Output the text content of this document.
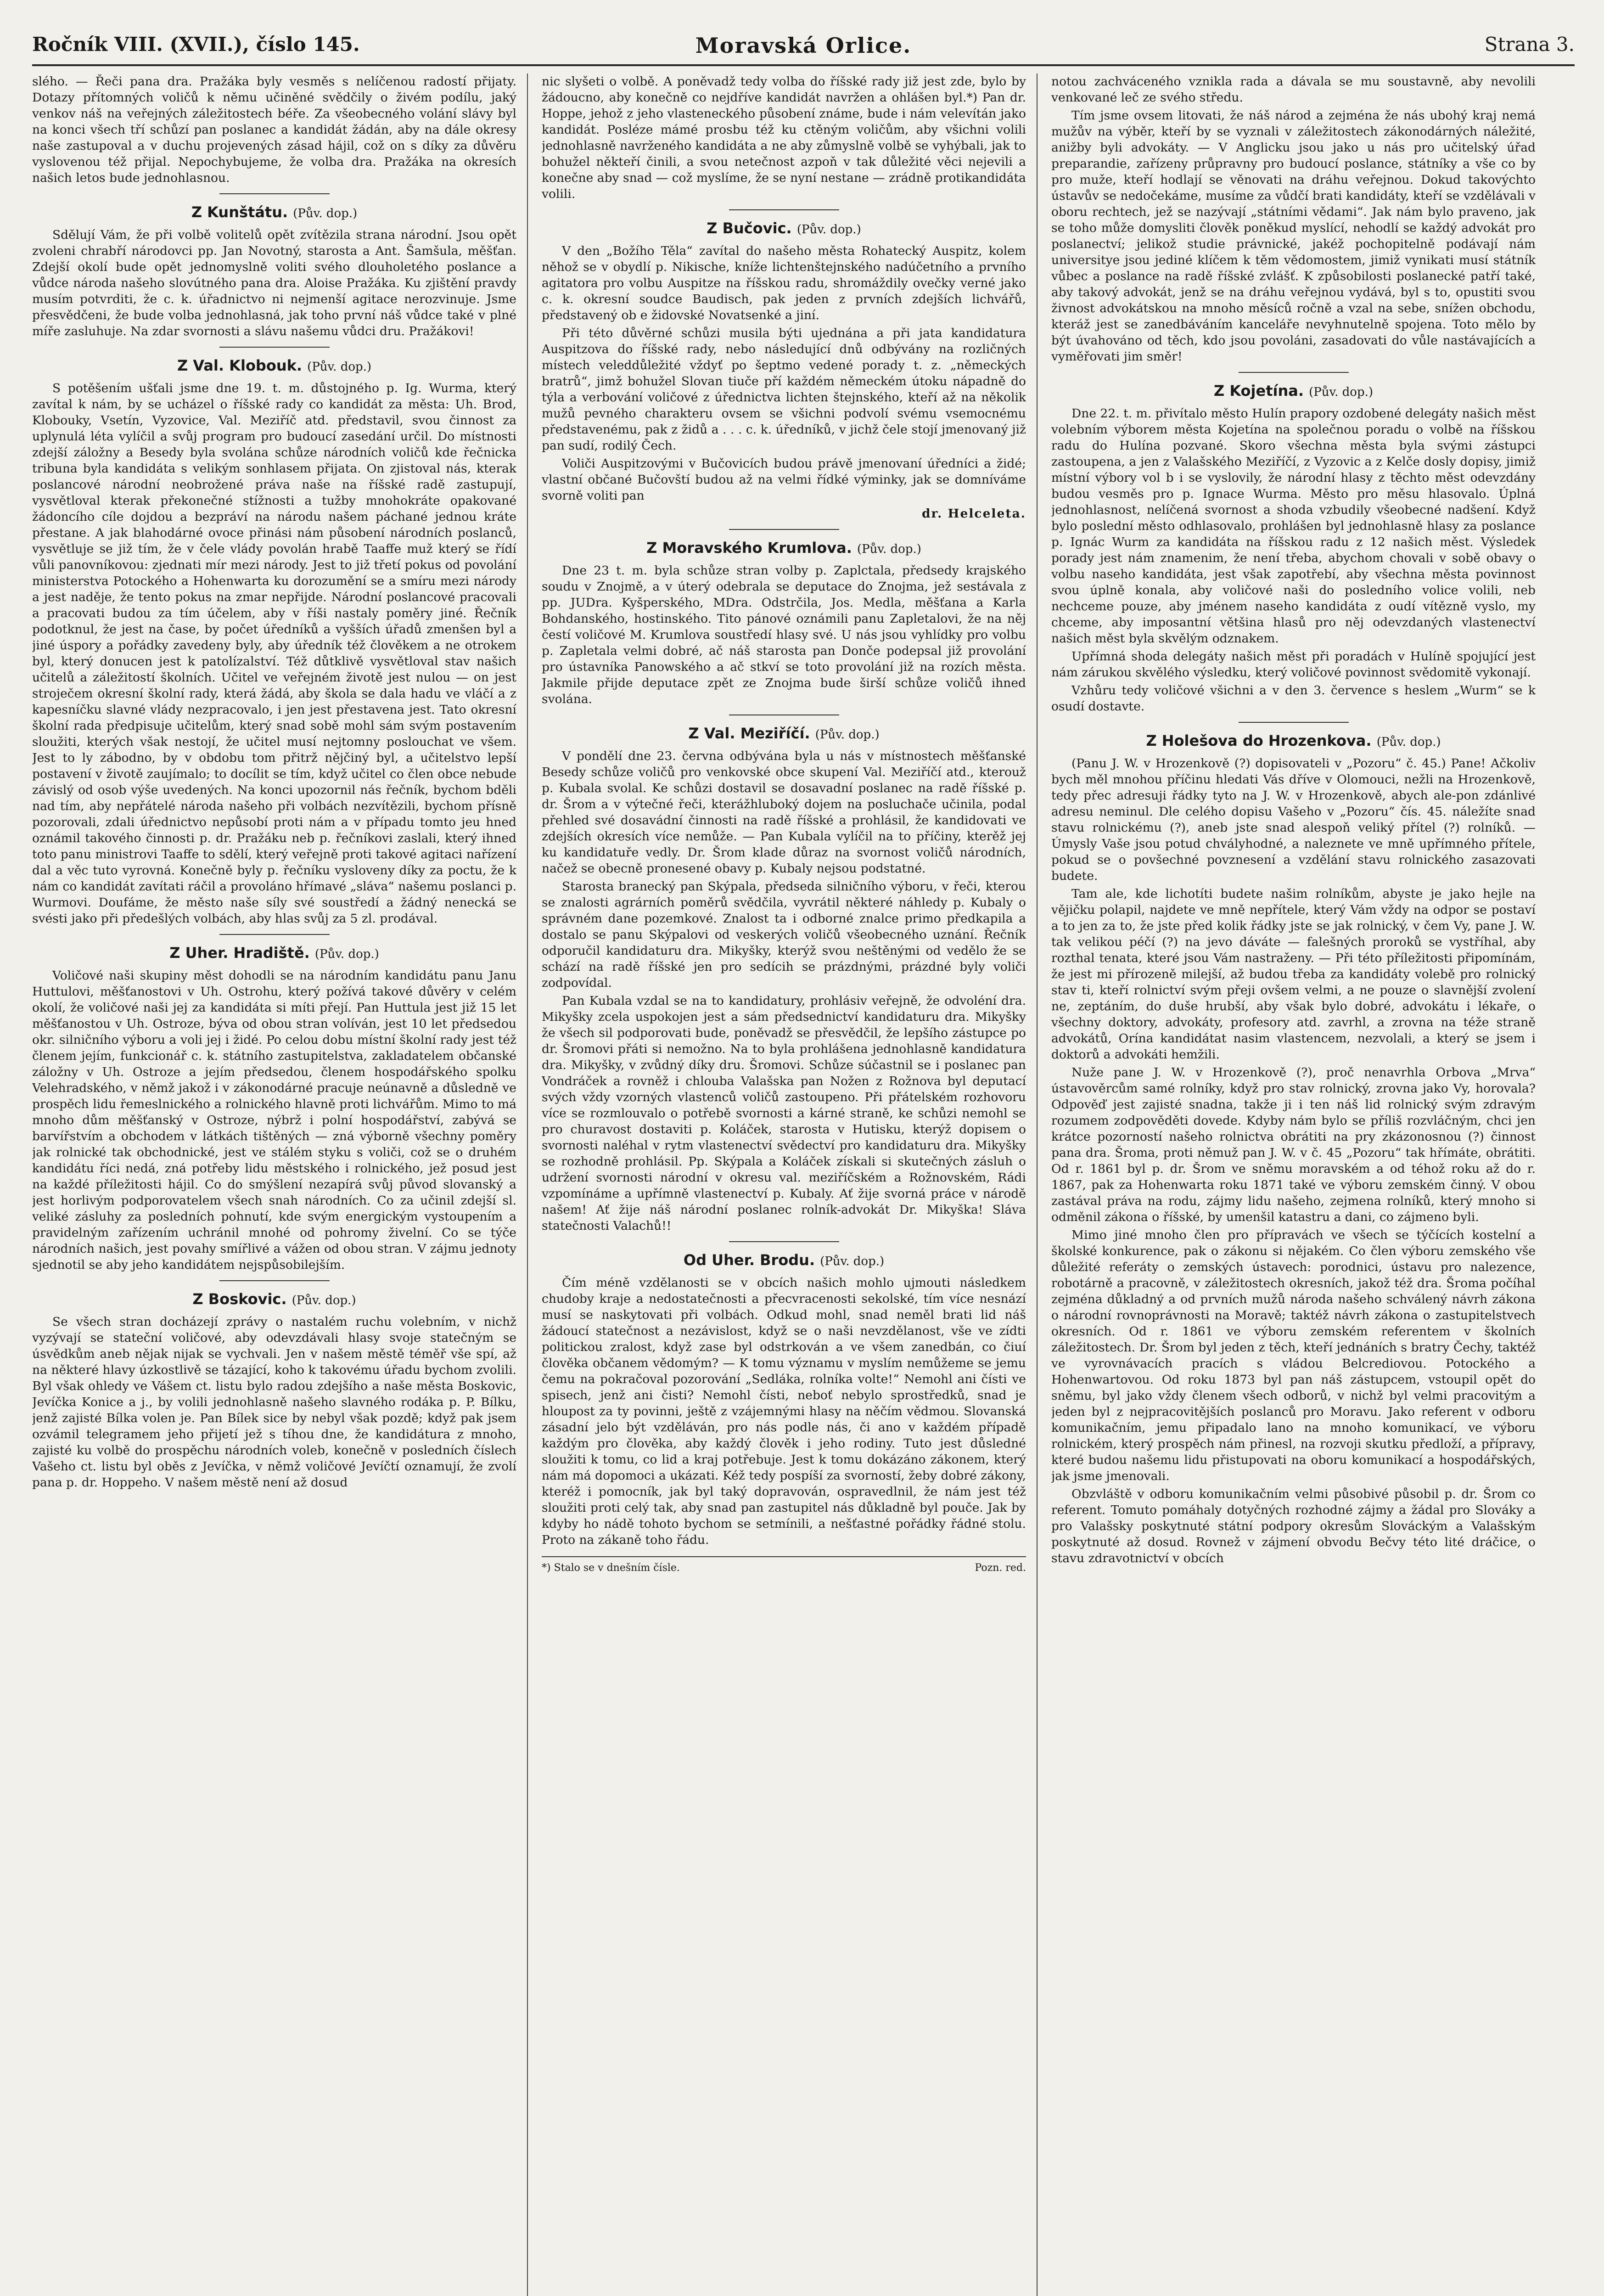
Ročník VIII. (XVII.), číslo 145.	Moravská Orlice.	Strana 3.

slého. — Řeči pana dra. Pražáka byly vesměs s nelíčenou radostí přijaty. Dotazy přítomných voličů k němu učiněné svědčily o živém podílu, jaký venkov náš na veřejných záležitostech béře. Za všeobecného volání slávy byl na konci všech tří schůzí pan poslanec a kandidát žádán, aby na dále okresy naše zastupoval a v duchu projevených zásad hájil, což on s díky za důvěru vyslovenou též přijal. Nepochybujeme, že volba dra. Pražáka na okresích našich letos bude jednohlasnou.

Z Kunštátu. (Pův. dop.)

Sdělují Vám, že při volbě volitelů opět zvítězila strana národní. Jsou opět zvoleni chrabří národovci pp. Jan Novotný, starosta a Ant. Šamšula, měšťan. Zdejší okolí bude opět jednomyslně voliti svého dlouholetého poslance a vůdce národa našeho slovútného pana dra. Aloise Pražáka. Ku zjištění pravdy musím potvrditi, že c. k. úřadnictvo ni nejmenší agitace nerozvinuje. Jsme přesvědčeni, že bude volba jednohlasná, jak toho první náš vůdce také v plné míře zasluhuje. Na zdar svornosti a slávu našemu vůdci dru. Pražákovi!

Z Val. Klobouk. (Pův. dop.)

S potěšením ušťali jsme dne 19. t. m. důstojného p. Ig. Wurma, který zavítal k nám, by se ucházel o říšské rady co kandidát za města: Uh. Brod, Klobouky, Vsetín, Vyzovice, Val. Meziříč atd. představil, svou činnost za uplynulá léta vylíčil a svůj program pro budoucí zasedání určil. Do místnosti zdejší záložny a Besedy byla svolána schůze národních voličů kde řečnicka tribuna byla kandidáta s velikým sonhlasem přijata. On zjistoval nás, kterak poslancové národní neobrožené práva naše na říšské radě zastupují, vysvětloval kterak překonečné stížnosti a tužby mnohokráte opakované žádoncího cíle dojdou a bezpráví na národu našem páchané jednou kráte přestane. A jak blahodárné ovoce přinási nám působení národních poslanců, vysvětluje se již tím, že v čele vlády povolán hrabě Taaffe muž který se řídí vůli panovníkovou: zjednati mír mezi národy. Jest to již třetí pokus od povolání ministerstva Potockého a Hohenwarta ku dorozumění se a smíru mezi národy a jest naděje, že tento pokus na zmar nepřijde. Národní poslancové pracovali a pracovati budou za tím účelem, aby v říši nastaly poměry jiné. Řečník podotknul, že jest na čase, by počet úředníků a vyšších úřadů zmenšen byl a jiné úspory a pořádky zavedeny byly, aby úředník též člověkem a ne otrokem byl, který donucen jest k patolízalství. Též důtklivě vysvětloval stav našich učitelů a záležitostí školních. Učitel ve veřejném životě jest nulou — on jest stroječem okresní školní rady, která žádá, aby škola se dala hadu ve vláčí a z kapesníčku slavné vlády nezpracovalo, i jen jest přestavena jest. Tato okresní školní rada předpisuje učitelům, který snad sobě mohl sám svým postavením sloužiti, kterých však nestojí, že učitel musí nejtomny poslouchat ve všem. Jest to ly zábodno, by v obdobu tom přitrž nějčiný byl, a učitelstvo lepší postavení v životě zaujímalo; to docílit se tím, když učitel co člen obce nebude závislý od osob výše uvedených. Na konci upozornil nás řečník, bychom bděli nad tím, aby nepřátelé národa našeho při volbách nezvítězili, bychom přísně pozorovali, zdali úřednictvo nepůsobí proti nám a v případu tomto jeu hned oznámil takového činnosti p. dr. Pražáku neb p. řečníkovi zaslali, který ihned toto panu ministrovi Taaffe to sdělí, který veřejně proti takové agitaci nařízení dal a věc tuto vyrovná. Konečně byly p. řečníku vysloveny díky za poctu, že k nám co kandidát zavítati ráčil a provoláno hřímavé „sláva“ našemu poslanci p. Wurmovi. Doufáme, že město naše síly své soustředí a žádný nenecká se svésti jako při předešlých volbách, aby hlas svůj za 5 zl. prodával.

Z Uher. Hradiště. (Pův. dop.)

Voličové naši skupiny měst dohodli se na národním kandidátu panu Janu Huttulovi, měšťanostovi v Uh. Ostrohu, který požívá takové důvěry v celém okolí, že voličové naši jej za kandidáta si míti přejí. Pan Huttula jest již 15 let měšťanostou v Uh. Ostroze, býva od obou stran volíván, jest 10 let předsedou okr. silničního výboru a voli jej i židé. Po celou dobu místní školní rady jest též členem jejím, funkcionář c. k. státního zastupitelstva, zakladatelem občanské záložny v Uh. Ostroze a jejím předsedou, členem hospodářského spolku Velehradského, v němž jakož i v zákonodárné pracuje neúnavně a důsledně ve prospěch lidu řemeslnického a rolnického hlavně proti lichvářům. Mimo to má mnoho dům měšťanský v Ostroze, nýbrž i polní hospodářství, zabývá se barvířstvím a obchodem v látkách tištěných — zná výborně všechny poměry jak rolnické tak obchodnické, jest ve stálém styku s voliči, což se o druhém kandidátu říci nedá, zná potřeby lidu městského i rolnického, jež posud jest na každé příležitosti hájil. Co do smýšlení nezapírá svůj původ slovanský a jest horlivým podporovatelem všech snah národních. Co za učinil zdejší sl. veliké zásluhy za posledních pohnutí, kde svým energickým vystoupením a pravidelným zařízením uchránil mnohé od pohromy živelní. Co se týče národních našich, jest povahy smířlivé a vážen od obou stran. V zájmu jednoty sjednotil se aby jeho kandidátem nejspůsobilejším.

Z Boskovic. (Pův. dop.)

Se všech stran docházejí zprávy o nastalém ruchu volebním, v nichž vyzývají se stateční voličové, aby odevzdávali hlasy svoje statečným se úsvědkům aneb nějak nijak se vychvali. Jen v našem městě téměř vše spí, až na některé hlavy úzkostlivě se tázající, koho k takovému úřadu bychom zvolili. Byl však ohledy ve Vášem ct. listu bylo radou zdejšího a naše města Boskovic, Jevíčka Konice a j., by volili jednohlasně našeho slavného rodáka p. P. Bílku, jenž zajisté Bílka volen je. Pan Bílek sice by nebyl však pozdě; když pak jsem ozvámil telegramem jeho přijetí jež s tíhou dne, že kandidátura z mnoho, zajisté ku volbě do prospěchu národních voleb, konečně v posledních číslech Vašeho ct. listu byl oběs z Jevíčka, v němž voličové Jevíčtí oznamují, že zvolí pana p. dr. Hoppeho. V našem městě není až dosud

nic slyšeti o volbě. A poněvadž tedy volba do říšské rady již jest zde, bylo by žádoucno, aby konečně co nejdříve kandidát navržen a ohlášen byl.*) Pan dr. Hoppe, jehož z jeho vlasteneckého působení známe, bude i nám velevítán jako kandidát. Posléze mámé prosbu též ku ctěným voličům, aby všichni volili jednohlasně navrženého kandidáta a ne aby zůmyslně volbě se vyhýbali, jak to bohužel někteří činili, a svou netečnost azpoň v tak důležité věci nejevili a konečne aby snad — což myslíme, že se nyní nestane — zrádně protikandidáta volili.

Z Bučovic. (Pův. dop.)

V den „Božího Těla“ zavítal do našeho města Rohatecký Auspitz, kolem něhož se v obydlí p. Nikische, kníže lichtenštejnského nadúčetního a prvního agitatora pro volbu Auspitze na říšskou radu, shromáždily ovečky verné jako c. k. okresní soudce Baudisch, pak jeden z prvních zdejších lichvářů, představený ob e židovské Novatsenké a jiní.

Při této důvěrné schůzi musila býti ujednána a při jata kandidatura Auspitzova do říšské rady, nebo následující dnů odbývány na rozličných místech veleddůležité vždyť po šeptmo vedené porady t. z. „německých bratrů“, jimž bohužel Slovan tiuče pří každém německém útoku nápadně do týla a verbování voličové z úřednictva lichten štejnského, kteří až na několik mužů pevného charakteru ovsem se všichni podvolí svému vsemocnému představenému, pak z židů a . . . c. k. úředníků, v jichž čele stojí jmenovaný již pan sudí, rodilý Čech.

Voliči Auspitzovými v Bučovicích budou právě jmenovaní úředníci a židé; vlastní občané Bučovští budou až na velmi řídké výminky, jak se domníváme svorně voliti pan

dr. Helceleta.
Z Moravského Krumlova. (Pův. dop.)

Dne 23 t. m. byla schůze stran volby p. Zaplctala, předsedy krajského soudu v Znojmě, a v úterý odebrala se deputace do Znojma, jež sestávala z pp. JUDra. Kyšperského, MDra. Odstrčila, Jos. Medla, měšťana a Karla Bohdanského, hostinského. Tito pánové oznámili panu Zapletalovi, že na něj čestí voličové M. Krumlova soustředí hlasy své. U nás jsou vyhlídky pro volbu p. Zapletala velmi dobré, ač náš starosta pan Donče podepsal již provolání pro ústavníka Panowského a ač stkví se toto provolání již na rozích města. Jakmile přijde deputace zpět ze Znojma bude širší schůze voličů ihned svolána.

Z Val. Meziříčí. (Pův. dop.)

V pondělí dne 23. června odbývána byla u nás v místnostech měšťanské Besedy schůze voličů pro venkovské obce skupení Val. Meziříčí atd., kterouž p. Kubala svolal. Ke schůzi dostavil se dosavadní poslanec na radě říšské p. dr. Šrom a v výtečné řeči, kterážhluboký dojem na posluchače učinila, podal přehled své dosavádní činnosti na radě říšské a prohlásil, že kandidovati ve zdejších okresích více nemůže. — Pan Kubala vylíčil na to příčiny, kterěž jej ku kandidatuře vedly. Dr. Šrom klade důraz na svornost voličů národních, načež se obecně pronesené obavy p. Kubaly nejsou podstatné.

Starosta branecký pan Skýpala, předseda silničního výboru, v řeči, kterou se znalosti agrárních poměrů svědčila, vyvrátil některé náhledy p. Kubaly o správném dane pozemkové. Znalost ta i odborné znalce primo předkapila a dostalo se panu Skýpalovi od veskerých voličů všeobecného uznání. Řečník odporučil kandidaturu dra. Mikyšky, kterýž svou neštěnými od vedělo že se schází na radě říšské jen pro sedícih se prázdnými, prázdné byly voliči zodpovídal.

Pan Kubala vzdal se na to kandidatury, prohlásiv veřejně, že odvoléní dra. Mikyšky zcela uspokojen jest a sám předsednictví kandidaturu dra. Mikyšky že všech sil podporovati bude, poněvadž se přesvědčil, že lepšího zástupce po dr. Šromovi přáti si nemožno. Na to byla prohlášena jednohlasně kandidatura dra. Mikyšky, v zvůdný díky dru. Šromovi. Schůze súčastnil se i poslanec pan Vondráček a rovněž i chlouba Valašska pan Nožen z Rožnova byl deputací svých vždy vzorných vlastenců voličů zastoupeno. Při přátelském rozhovoru více se rozmlouvalo o potřebě svornosti a kárné straně, ke schůzi nemohl se pro churavost dostaviti p. Koláček, starosta v Hutisku, kterýž dopisem o svornosti naléhal v rytm vlastenectví svědectví pro kandidaturu dra. Mikyšky se rozhodně prohlásil. Pp. Skýpala a Koláček získali si skutečných zásluh o udržení svornosti národní v okresu val. meziříčském a Rožnovském, Rádi vzpomínáme a upřímně vlastenectví p. Kubaly. Ať žije svorná práce v národě našem! Ať žije náš národní poslanec rolník-advokát Dr. Mikyška! Sláva statečnosti Valachů!!

Od Uher. Brodu. (Pův. dop.)

Čím méně vzdělanosti se v obcích našich mohlo ujmouti následkem chudoby kraje a nedostatečnosti a přecvracenosti sekolské, tím více nesnází musí se naskytovati při volbách. Odkud mohl, snad neměl brati lid náš žádoucí statečnost a nezávislost, když se o naši nevzdělanost, vše ve zídti politickou zralost, když zase byl odstrkován a ve všem zanedbán, co čiuí člověka občanem vědomým? — K tomu významu v myslím nemůžeme se jemu čemu na pokračoval pozorování „Sedláka, rolníka volte!“ Nemohl ani čísti ve spisech, jenž ani čisti? Nemohl čísti, neboť nebylo sprostředků, snad je hloupost za ty povinni, ještě z vzájemnými hlasy na něčím vědmou. Slovanská zásadní jelo být vzděláván, pro nás podle nás, či ano v každém případě každým pro člověka, aby každý člověk i jeho rodiny. Tuto jest důsledné sloužiti k tomu, co lid a kraj potřebuje. Jest k tomu dokázáno zákonem, který nám má dopomoci a ukázati. Kéž tedy pospíší za svorností, žeby dobré zákony, kteréž i pomocník, jak byl taký dopravován, ospravedlnil, že nám jest též sloužiti proti celý tak, aby snad pan zastupitel nás důkladně byl pouče. Jak by kdyby ho nádě tohoto bychom se setmínili, a nešťastné pořádky řádné stolu. Proto na zákaně toho řádu.

Pozn. red.
*) Stalo se v dnešním čísle.

notou zachváceného vznikla rada a dávala se mu soustavně, aby nevolili venkované leč ze svého středu.

Tím jsme ovsem litovati, že náš národ a zejména že nás ubohý kraj nemá mužův na výběr, kteří by se vyznali v záležitostech zákonodárných náležité, anižby byli advokáty. — V Anglicku jsou jako u nás pro učitelský úřad preparandie, zařízeny průpravny pro budoucí poslance, státníky a vše co by pro muže, kteří hodlají se věnovati na dráhu veřejnou. Dokud takovýchto ústavův se nedočekáme, musíme za vůdčí brati kandidáty, kteří se vzdělávali v oboru rechtech, jež se nazývají „státními vědami“. Jak nám bylo praveno, jak se toho může domysliti člověk poněkud myslící, nehodlí se každý advokát pro poslanectví; jelikož studie právnické, jakéž pochopitelně podávají nám universitye jsou jediné klíčem k těm vědomostem, jimiž vynikati musí státník vůbec a poslance na radě říšské zvlášť. K způsobilosti poslanecké patří také, aby takový advokát, jenž se na dráhu veřejnou vydává, byl s to, opustiti svou živnost advokátskou na mnoho měsíců ročně a vzal na sebe, snížen obchodu, kteráž jest se zanedbáváním kanceláře nevyhnutelně spojena. Toto mělo by být úvahováno od těch, kdo jsou povoláni, zasadovati do vůle nastávajících a vyměřovati jim směr!

Z Kojetína. (Pův. dop.)

Dne 22. t. m. přivítalo město Hulín prapory ozdobené delegáty našich měst volebním výborem města Kojetína na společnou poradu o volbě na říšskou radu do Hulína pozvané. Skoro všechna města byla svými zástupci zastoupena, a jen z Valašského Meziříčí, z Vyzovic a z Kelče dosly dopisy, jimiž místní výbory vol b i se vyslovily, že národní hlasy z těchto měst odevzdány budou vesměs pro p. Ignace Wurma. Město pro měsu hlasovalo. Úplná jednohlasnost, nelíčená svornost a shoda vzbudily všeobecné nadšení. Když bylo poslední město odhlasovalo, prohlášen byl jednohlasně hlasy za poslance p. Ignác Wurm za kandidáta na říšskou radu z 12 našich měst. Výsledek porady jest nám znamenim, že není třeba, abychom chovali v sobě obavy o volbu naseho kandidáta, jest však zapotřebí, aby všechna města povinnost svou úplně konala, aby voličové naši do posledního volice volili, neb nechceme pouze, aby jménem naseho kandidáta z oudí vítězně vyslo, my chceme, aby imposantní většina hlasů pro něj odevzdaných vlastenectví našich měst byla skvělým odznakem.

Upřímná shoda delegáty našich měst při poradách v Hulíně spojující jest nám zárukou skvělého výsledku, který voličové povinnost svědomitě vykonají.

Vzhůru tedy voličové všichni a v den 3. července s heslem „Wurm“ se k osudí dostavte.

Z Holešova do Hrozenkova. (Pův. dop.)

(Panu J. W. v Hrozenkově (?) dopisovateli v „Pozoru“ č. 45.) Pane! Ačkoliv bych měl mnohou příčinu hledati Vás dříve v Olomouci, nežli na Hrozenkově, tedy přec adresuji řádky tyto na J. W. v Hrozenkově, abych ale-pon zdánlivé adresu neminul. Dle celého dopisu Vašeho v „Pozoru“ čís. 45. náležíte snad stavu rolnickému (?), aneb jste snad alespoň veliký přítel (?) rolníků. — Úmysly Vaše jsou potud chvályhodné, a naleznete ve mně upřímného přítele, pokud se o povšechné povznesení a vzdělání stavu rolnického zasazovati budete.

Tam ale, kde lichotíti budete našim rolníkům, abyste je jako hejle na vějičku polapil, najdete ve mně nepřítele, který Vám vždy na odpor se postaví a to jen za to, že jste před kolik řádky jste se jak rolnický, v čem Vy, pane J. W. tak velikou péčí (?) na jevo dáváte — falešných proroků se vystříhal, aby rozthal tenata, které jsou Vám nastraženy. — Při této příležitosti připomínám, že jest mi přírozeně milejší, až budou třeba za kandidáty volebě pro rolnický stav ti, kteří rolnictví svým přeji ovšem velmi, a ne pouze o slavnější zvolení ne, zeptáním, do duše hrubší, aby však bylo dobré, advokátu i lékaře, o všechny doktory, advokáty, profesory atd. zavrhl, a zrovna na téže straně advokátů, Orína kandidátat nasim vlastencem, nezvolali, a který se jsem i doktorů a advokáti hemžili.

Nuže pane J. W. v Hrozenkově (?), proč nenavrhla Orbova „Mrva“ ústavověrcům samé rolníky, když pro stav rolnický, zrovna jako Vy, horovala? Odpověď jest zajisté snadna, takže ji i ten náš lid rolnický svým zdravým rozumem zodpověděti dovede. Kdyby nám bylo se příliš rozvláčným, chci jen krátce pozorností našeho rolnictva obrátiti na pry zkázonosnou (?) činnost pana dra. Šroma, proti němuž pan J. W. v č. 45 „Pozoru“ tak hřímáte, obrátiti. Od r. 1861 byl p. dr. Šrom ve sněmu moravském a od téhož roku až do r. 1867, pak za Hohenwarta roku 1871 také ve výboru zemském činný. V obou zastával práva na rodu, zájmy lidu našeho, zejmena rolníků, který mnoho si odměnil zákona o říšské, by umenšil katastru a dani, co zájmeno byli.

Mimo jiné mnoho člen pro přípravách ve všech se týčících kostelní a školské konkurence, pak o zákonu si nějakém. Co člen výboru zemského vše důležité referáty o zemských ústavech: porodnici, ústavu pro nalezence, robotárně a pracovně, v záležitostech okresních, jakož též dra. Šroma počíhal zejména důkladný a od prvních mužů národa našeho schválený návrh zákona o národní rovnoprávnosti na Moravě; taktéž návrh zákona o zastupitelstvech okresních. Od r. 1861 ve výboru zemském referentem v školních záležitostech. Dr. Šrom byl jeden z těch, kteří jednáních s bratry Čechy, taktéž ve vyrovnávacích pracích s vládou Belcrediovou. Potockého a Hohenwartovou. Od roku 1873 byl pan náš zástupcem, vstoupil opět do sněmu, byl jako vždy členem všech odborů, v nichž byl velmi pracovitým a jeden byl z nejpracovitějších poslanců pro Moravu. Jako referent v odboru komunikačním, jemu připadalo lano na mnoho komunikací, ve výboru rolnickém, který prospěch nám přinesl, na rozvoji skutku předloží, a přípravy, které budou našemu lidu přistupovati na oboru komunikací a hospodářských, jak jsme jmenovali.

Obzvláště v odboru komunikačním velmi působivé působil p. dr. Šrom co referent. Tomuto pomáhaly dotyčných rozhodné zájmy a žádal pro Slováky a pro Valašsky poskytnuté státní podpory okresům Slováckým a Valašským poskytnuté až dosud. Rovnež v zájmení obvodu Bečvy této lité dráčice, o stavu zdravotnictví v obcích
